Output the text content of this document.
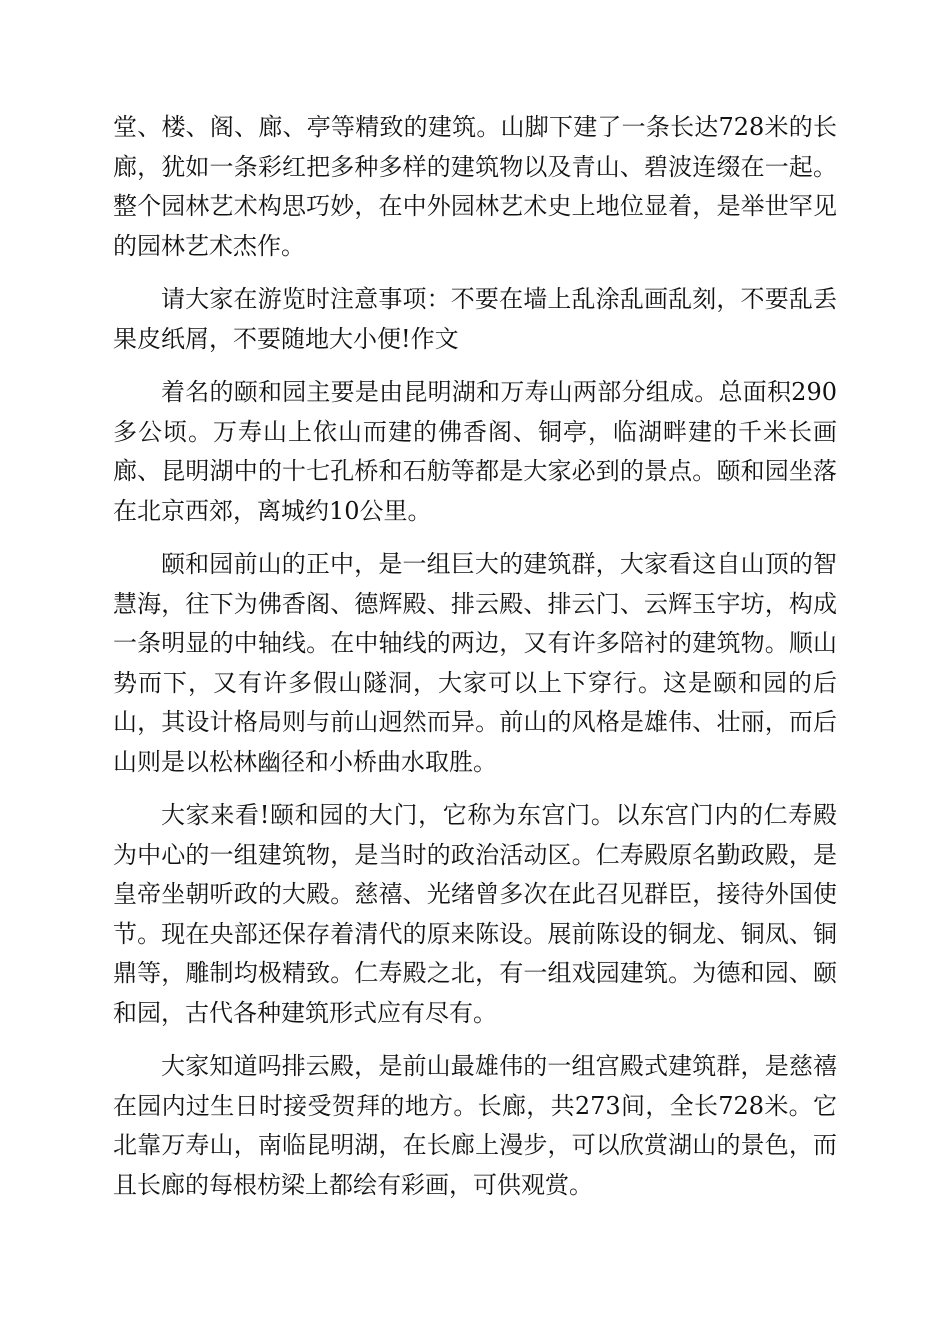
堂、楼、阁、廊、亭等精致的建筑。山脚下建了一条长达728米的长廊，犹如一条彩红把多种多样的建筑物以及青山、碧波连缀在一起。整个园林艺术构思巧妙，在中外园林艺术史上地位显着，是举世罕见的园林艺术杰作。

请大家在游览时注意事项：不要在墙上乱涂乱画乱刻，不要乱丢果皮纸屑，不要随地大小便!作文

着名的颐和园主要是由昆明湖和万寿山两部分组成。总面积290多公顷。万寿山上依山而建的佛香阁、铜亭，临湖畔建的千米长画廊、昆明湖中的十七孔桥和石舫等都是大家必到的景点。颐和园坐落在北京西郊，离城约10公里。

颐和园前山的正中，是一组巨大的建筑群，大家看这自山顶的智慧海，往下为佛香阁、德辉殿、排云殿、排云门、云辉玉宇坊，构成一条明显的中轴线。在中轴线的两边，又有许多陪衬的建筑物。顺山势而下，又有许多假山隧洞，大家可以上下穿行。这是颐和园的后山，其设计格局则与前山迥然而异。前山的风格是雄伟、壮丽，而后山则是以松林幽径和小桥曲水取胜。

大家来看!颐和园的大门，它称为东宫门。以东宫门内的仁寿殿为中心的一组建筑物，是当时的政治活动区。仁寿殿原名勤政殿，是皇帝坐朝听政的大殿。慈禧、光绪曾多次在此召见群臣，接待外国使节。现在央部还保存着清代的原来陈设。展前陈设的铜龙、铜凤、铜鼎等，雕制均极精致。仁寿殿之北，有一组戏园建筑。为德和园、颐和园，古代各种建筑形式应有尽有。

大家知道吗排云殿，是前山最雄伟的一组宫殿式建筑群，是慈禧在园内过生日时接受贺拜的地方。长廊，共273间，全长728米。它北靠万寿山，南临昆明湖，在长廊上漫步，可以欣赏湖山的景色，而且长廊的每根枋梁上都绘有彩画，可供观赏。
